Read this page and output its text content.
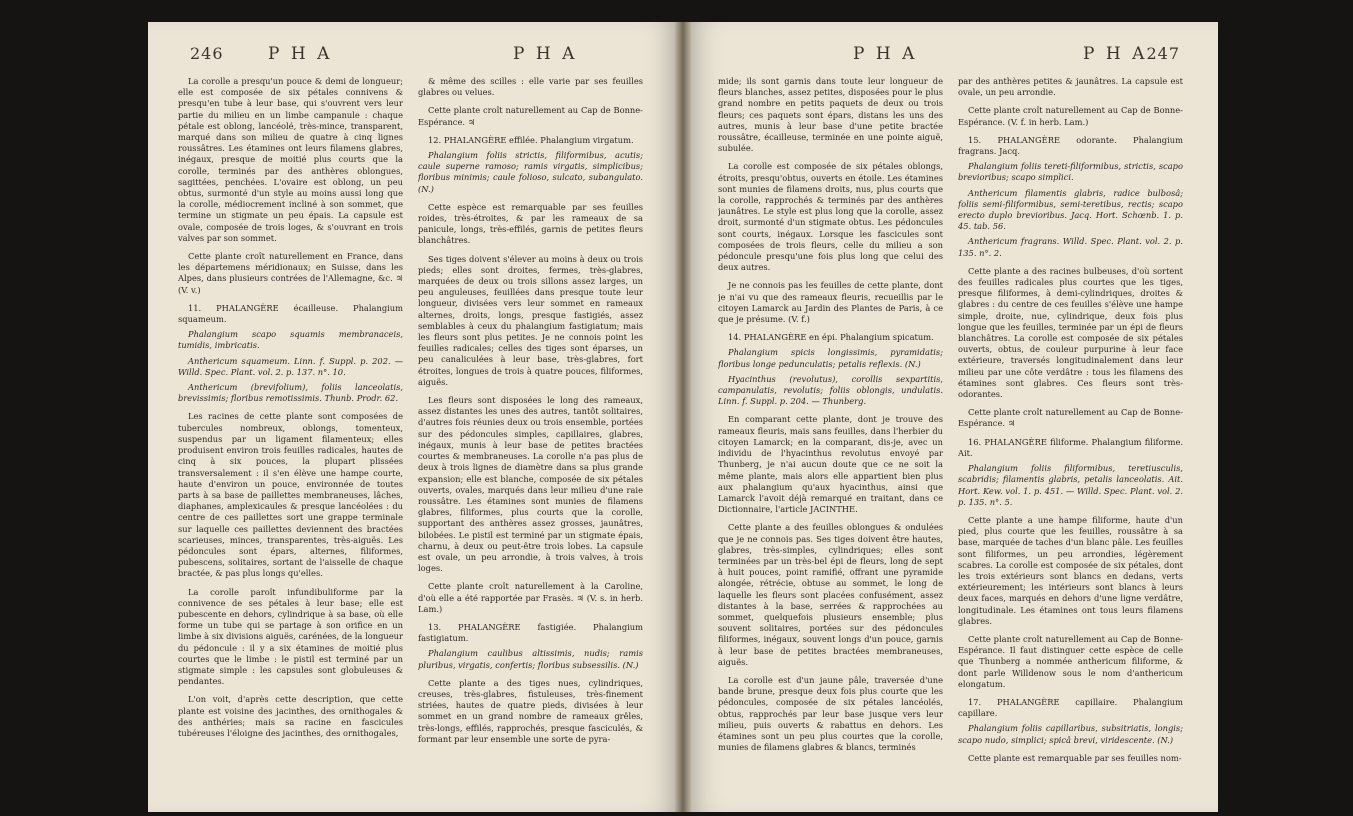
246	P H A	P H A

La corolle a presqu'un pouce & demi de longueur; elle est composée de six pétales connivens & presqu'en tube à leur base, qui s'ouvrent vers leur partie du milieu en un limbe campanule : chaque pétale est oblong, lancéolé, très-mince, transparent, marqué dans son milieu de quatre à cinq lignes roussâtres. Les étamines ont leurs filamens glabres, inégaux, presque de moitié plus courts que la corolle, terminés par des anthères oblongues, sagittées, penchées. L'ovaire est oblong, un peu obtus, surmonté d'un style au moins aussi long que la corolle, médiocrement incliné à son sommet, que termine un stigmate un peu épais. La capsule est ovale, composée de trois loges, & s'ouvrant en trois valves par son sommet.

Cette plante croît naturellement en France, dans les départemens méridionaux; en Suisse, dans les Alpes, dans plusieurs contrées de l'Allemagne, &c. ♃ (V. v.)

11. PHALANGÈRE écailleuse. Phalangium squameum.

Phalangium scapo squamis membranaceis, tumidis, imbricatis.

Anthericum squameum. Linn. f. Suppl. p. 202. — Willd. Spec. Plant. vol. 2. p. 137. n°. 10.

Anthericum (brevifolium), foliis lanceolatis, brevissimis; floribus remotissimis. Thunb. Prodr. 62.

Les racines de cette plante sont composées de tubercules nombreux, oblongs, tomenteux, suspendus par un ligament filamenteux; elles produisent environ trois feuilles radicales, hautes de cinq à six pouces, la plupart plissées transversalement : il s'en élève une hampe courte, haute d'environ un pouce, environnée de toutes parts à sa base de paillettes membraneuses, lâches, diaphanes, amplexicaules & presque lancéolées : du centre de ces paillettes sort une grappe terminale sur laquelle ces paillettes deviennent des bractées scarieuses, minces, transparentes, très-aiguës. Les pédoncules sont épars, alternes, filiformes, pubescens, solitaires, sortant de l'aisselle de chaque bractée, & pas plus longs qu'elles.

La corolle paroît infundibuliforme par la connivence de ses pétales à leur base; elle est pubescente en dehors, cylindrique à sa base, où elle forme un tube qui se partage à son orifice en un limbe à six divisions aiguës, carénées, de la longueur du pédoncule : il y a six étamines de moitié plus courtes que le limbe : le pistil est terminé par un stigmate simple : les capsules sont globuleuses & pendantes.

L'on voit, d'après cette description, que cette plante est voisine des jacinthes, des ornithogales & des anthéries; mais sa racine en fascicules tubéreuses l'éloigne des jacinthes, des ornithogales,

& même des scilles : elle varie par ses feuilles glabres ou velues.

Cette plante croît naturellement au Cap de Bonne-Espérance. ♃

12. PHALANGÈRE effilée. Phalangium virgatum.

Phalangium foliis strictis, filiformibus, acutis; caule superne ramoso; ramis virgatis, simplicibus; floribus minimis; caule folioso, sulcato, subangulato. (N.)

Cette espèce est remarquable par ses feuilles roides, très-étroites, & par les rameaux de sa panicule, longs, très-effilés, garnis de petites fleurs blanchâtres.

Ses tiges doivent s'élever au moins à deux ou trois pieds; elles sont droites, fermes, très-glabres, marquées de deux ou trois sillons assez larges, un peu anguleuses, feuillées dans presque toute leur longueur, divisées vers leur sommet en rameaux alternes, droits, longs, presque fastigiés, assez semblables à ceux du phalangium fastigiatum; mais les fleurs sont plus petites. Je ne connois point les feuilles radicales; celles des tiges sont éparses, un peu canaliculées à leur base, très-glabres, fort étroites, longues de trois à quatre pouces, filiformes, aiguës.

Les fleurs sont disposées le long des rameaux, assez distantes les unes des autres, tantôt solitaires, d'autres fois réunies deux ou trois ensemble, portées sur des pédoncules simples, capillaires, glabres, inégaux, munis à leur base de petites bractées courtes & membraneuses. La corolle n'a pas plus de deux à trois lignes de diamètre dans sa plus grande expansion; elle est blanche, composée de six pétales ouverts, ovales, marqués dans leur milieu d'une raie roussâtre. Les étamines sont munies de filamens glabres, filiformes, plus courts que la corolle, supportant des anthères assez grosses, jaunâtres, bilobées. Le pistil est terminé par un stigmate épais, charnu, à deux ou peut-être trois lobes. La capsule est ovale, un peu arrondie, à trois valves, à trois loges.

Cette plante croît naturellement à la Caroline, d'où elle a été rapportée par Frasès. ♃ (V. s. in herb. Lam.)

13. PHALANGÈRE fastigiée. Phalangium fastigiatum.

Phalangium caulibus altissimis, nudis; ramis pluribus, virgatis, confertis; floribus subsessilis. (N.)

Cette plante a des tiges nues, cylindriques, creuses, très-glabres, fistuleuses, très-finement striées, hautes de quatre pieds, divisées à leur sommet en un grand nombre de rameaux grêles, très-longs, effilés, rapprochés, presque fasciculés, & formant par leur ensemble une sorte de pyra-

P H A	P H A 247

mide; ils sont garnis dans toute leur longueur de fleurs blanches, assez petites, disposées pour le plus grand nombre en petits paquets de deux ou trois fleurs; ces paquets sont épars, distans les uns des autres, munis à leur base d'une petite bractée roussâtre, écailleuse, terminée en une pointe aiguë, subulée.

La corolle est composée de six pétales oblongs, étroits, presqu'obtus, ouverts en étoile. Les étamines sont munies de filamens droits, nus, plus courts que la corolle, rapprochés & terminés par des anthères jaunâtres. Le style est plus long que la corolle, assez droit, surmonté d'un stigmate obtus. Les pédoncules sont courts, inégaux. Lorsque les fascicules sont composées de trois fleurs, celle du milieu a son pédoncule presqu'une fois plus long que celui des deux autres.

Je ne connois pas les feuilles de cette plante, dont je n'ai vu que des rameaux fleuris, recueillis par le citoyen Lamarck au Jardin des Plantes de Paris, à ce que je présume. (V. f.)

14. PHALANGÈRE en épi. Phalangium spicatum.

Phalangium spicis longissimis, pyramidatis; floribus longe pedunculatis; petalis reflexis. (N.)

Hyacinthus (revolutus), corollis sexpartitis, campanulatis, revolutis; foliis oblongis, undulatis. Linn. f. Suppl. p. 204. — Thunberg.

En comparant cette plante, dont je trouve des rameaux fleuris, mais sans feuilles, dans l'herbier du citoyen Lamarck; en la comparant, dis-je, avec un individu de l'hyacinthus revolutus envoyé par Thunberg, je n'ai aucun doute que ce ne soit la même plante, mais alors elle appartient bien plus aux phalangium qu'aux hyacinthus, ainsi que Lamarck l'avoit déjà remarqué en traitant, dans ce Dictionnaire, l'article JACINTHE.

Cette plante a des feuilles oblongues & ondulées que je ne connois pas. Ses tiges doivent être hautes, glabres, très-simples, cylindriques; elles sont terminées par un très-bel épi de fleurs, long de sept à huit pouces, point ramifié, offrant une pyramide alongée, rétrécie, obtuse au sommet, le long de laquelle les fleurs sont placées confusément, assez distantes à la base, serrées & rapprochées au sommet, quelquefois plusieurs ensemble; plus souvent solitaires, portées sur des pédoncules filiformes, inégaux, souvent longs d'un pouce, garnis à leur base de petites bractées membraneuses, aiguës.

La corolle est d'un jaune pâle, traversée d'une bande brune, presque deux fois plus courte que les pédoncules, composée de six pétales lancéolés, obtus, rapprochés par leur base jusque vers leur milieu, puis ouverts & rabattus en dehors. Les étamines sont un peu plus courtes que la corolle, munies de filamens glabres & blancs, terminés

par des anthères petites & jaunâtres. La capsule est ovale, un peu arrondie.

Cette plante croît naturellement au Cap de Bonne-Espérance. (V. f. in herb. Lam.)

15. PHALANGÈRE odorante. Phalangium fragrans. Jacq.

Phalangium foliis tereti-filiformibus, strictis, scapo brevioribus; scapo simplici.

Anthericum filamentis glabris, radice bulbosâ; foliis semi-filiformibus, semi-teretibus, rectis; scapo erecto duplo brevioribus. Jacq. Hort. Schœnb. 1. p. 45. tab. 56.

Anthericum fragrans. Willd. Spec. Plant. vol. 2. p. 135. n°. 2.

Cette plante a des racines bulbeuses, d'où sortent des feuilles radicales plus courtes que les tiges, presque filiformes, à demi-cylindriques, droites & glabres : du centre de ces feuilles s'élève une hampe simple, droite, nue, cylindrique, deux fois plus longue que les feuilles, terminée par un épi de fleurs blanchâtres. La corolle est composée de six pétales ouverts, obtus, de couleur purpurine à leur face extérieure, traversés longitudinalement dans leur milieu par une côte verdâtre : tous les filamens des étamines sont glabres. Ces fleurs sont très-odorantes.

Cette plante croît naturellement au Cap de Bonne-Espérance. ♃

16. PHALANGÈRE filiforme. Phalangium filiforme. Ait.

Phalangium foliis filiformibus, teretiusculis, scabridis; filamentis glabris, petalis lanceolatis. Ait. Hort. Kew. vol. 1. p. 451. — Willd. Spec. Plant. vol. 2. p. 135. n°. 5.

Cette plante a une hampe filiforme, haute d'un pied, plus courte que les feuilles, roussâtre à sa base, marquée de taches d'un blanc pâle. Les feuilles sont filiformes, un peu arrondies, légèrement scabres. La corolle est composée de six pétales, dont les trois extérieurs sont blancs en dedans, verts extérieurement; les intérieurs sont blancs à leurs deux faces, marqués en dehors d'une ligne verdâtre, longitudinale. Les étamines ont tous leurs filamens glabres.

Cette plante croît naturellement au Cap de Bonne-Espérance. Il faut distinguer cette espèce de celle que Thunberg a nommée anthericum filiforme, & dont parle Willdenow sous le nom d'anthericum elongatum.

17. PHALANGÈRE capillaire. Phalangium capillare.

Phalangium foliis capillaribus, subsitriatis, longis; scapo nudo, simplici; spicâ brevi, viridescente. (N.)

Cette plante est remarquable par ses feuilles nom-
